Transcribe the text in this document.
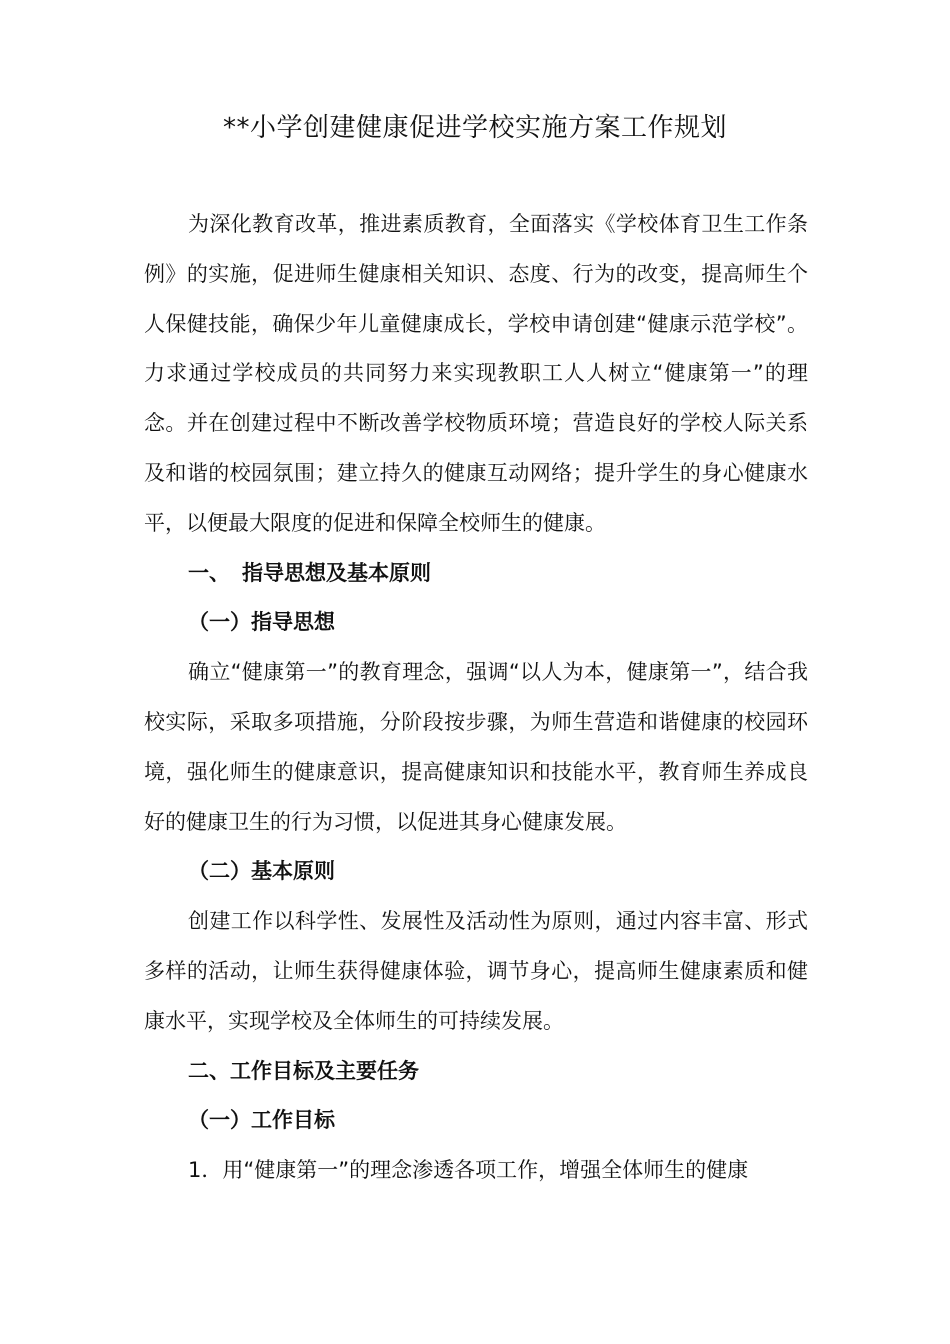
**小学创建健康促进学校实施方案工作规划

为深化教育改革，推进素质教育，全面落实《学校体育卫生工作条例》的实施，促进师生健康相关知识、态度、行为的改变，提高师生个人保健技能，确保少年儿童健康成长，学校申请创建“健康示范学校”。力求通过学校成员的共同努力来实现教职工人人树立“健康第一”的理念。并在创建过程中不断改善学校物质环境；营造良好的学校人际关系及和谐的校园氛围；建立持久的健康互动网络；提升学生的身心健康水平，以便最大限度的促进和保障全校师生的健康。

一、 指导思想及基本原则
（一）指导思想

确立“健康第一”的教育理念，强调“以人为本，健康第一”，结合我校实际，采取多项措施，分阶段按步骤，为师生营造和谐健康的校园环境，强化师生的健康意识，提高健康知识和技能水平，教育师生养成良好的健康卫生的行为习惯，以促进其身心健康发展。

（二）基本原则

创建工作以科学性、发展性及活动性为原则，通过内容丰富、形式多样的活动，让师生获得健康体验，调节身心，提高师生健康素质和健康水平，实现学校及全体师生的可持续发展。

二、工作目标及主要任务
（一）工作目标

1．用“健康第一”的理念渗透各项工作，增强全体师生的健康
